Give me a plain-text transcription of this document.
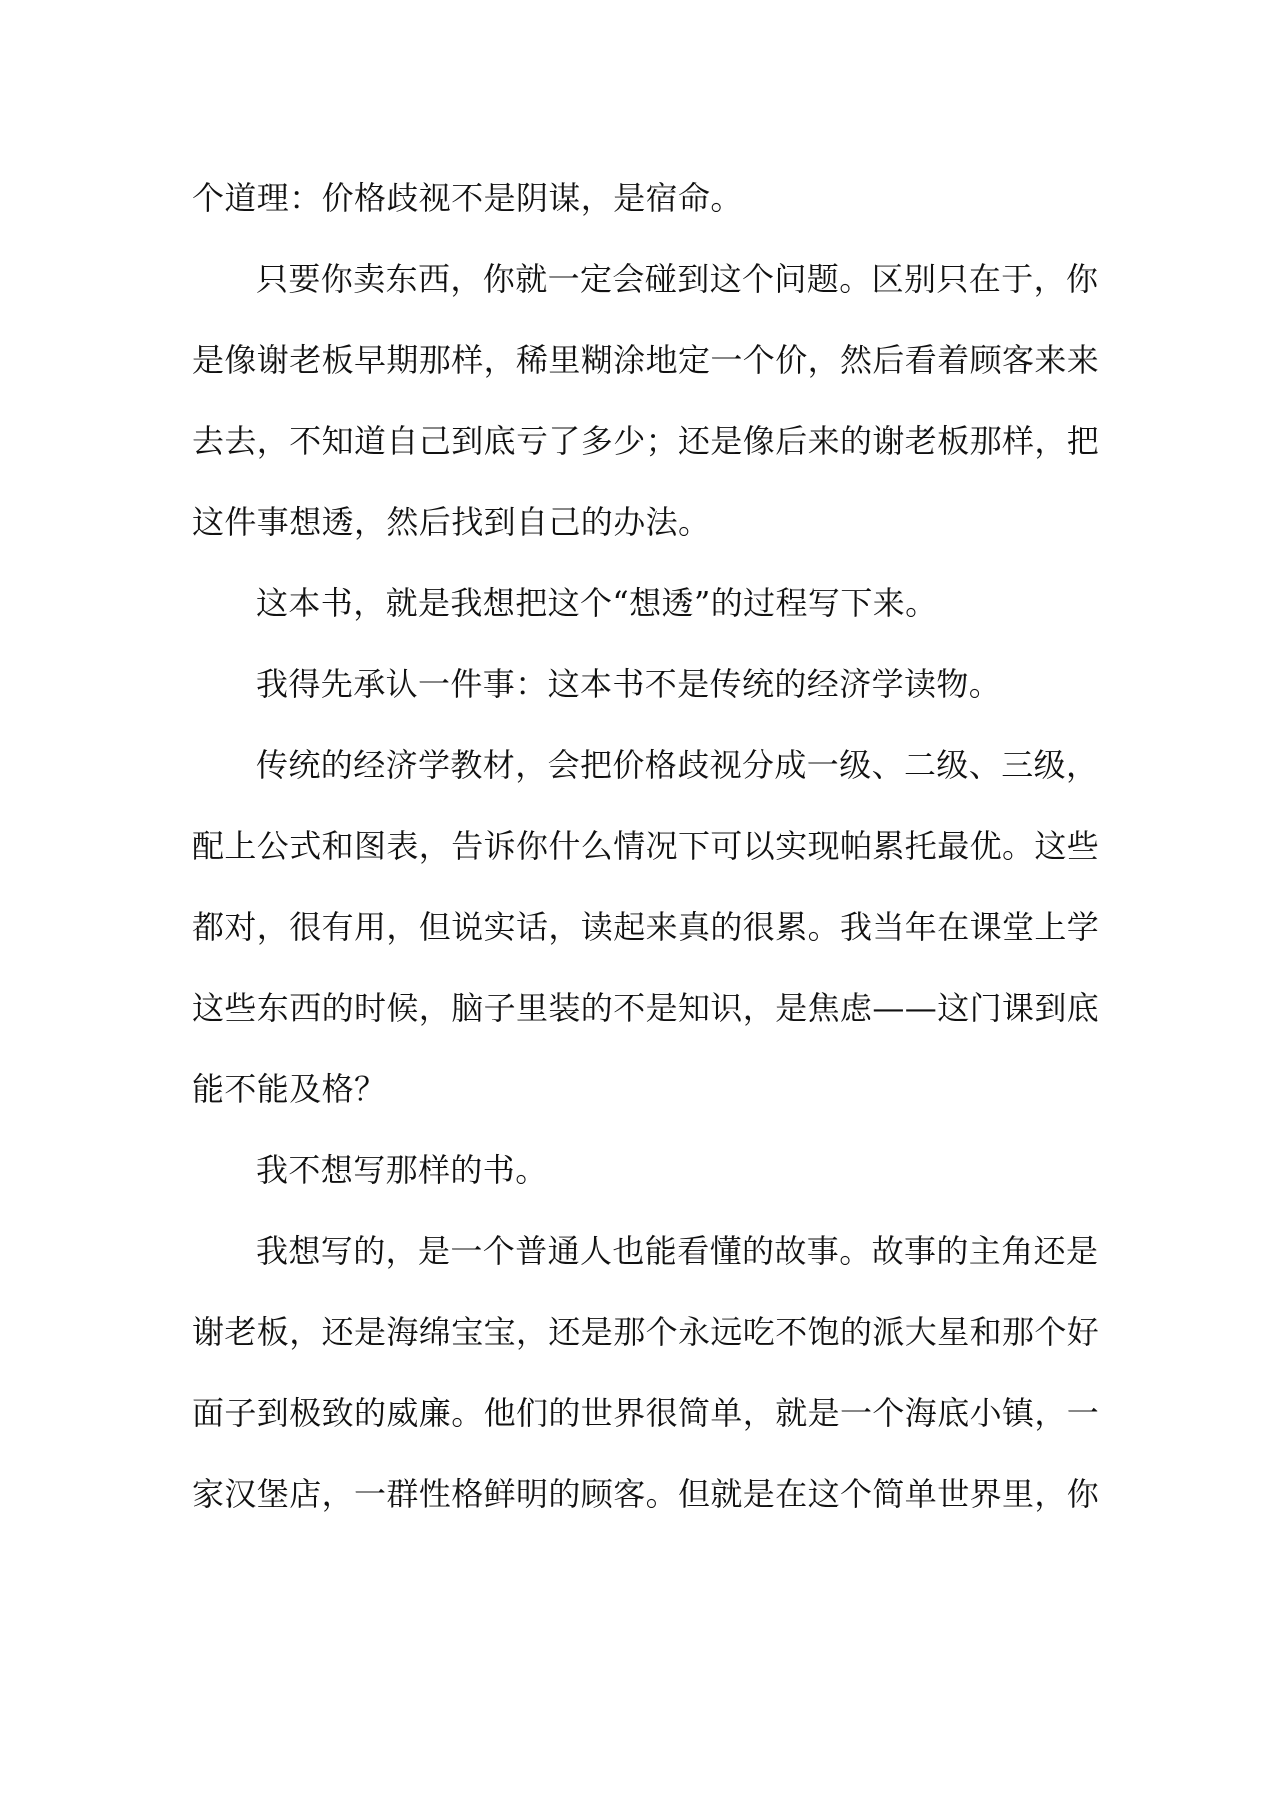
个道理：价格歧视不是阴谋，是宿命。
只要你卖东西，你就一定会碰到这个问题。区别只在于，你
是像谢老板早期那样，稀里糊涂地定一个价，然后看着顾客来来
去去，不知道自己到底亏了多少；还是像后来的谢老板那样，把
这件事想透，然后找到自己的办法。
这本书，就是我想把这个“想透”的过程写下来。
我得先承认一件事：这本书不是传统的经济学读物。
传统的经济学教材，会把价格歧视分成一级、二级、三级，
配上公式和图表，告诉你什么情况下可以实现帕累托最优。这些
都对，很有用，但说实话，读起来真的很累。我当年在课堂上学
这些东西的时候，脑子里装的不是知识，是焦虑——这门课到底
能不能及格？
我不想写那样的书。
我想写的，是一个普通人也能看懂的故事。故事的主角还是
谢老板，还是海绵宝宝，还是那个永远吃不饱的派大星和那个好
面子到极致的威廉。他们的世界很简单，就是一个海底小镇，一
家汉堡店，一群性格鲜明的顾客。但就是在这个简单世界里，你
